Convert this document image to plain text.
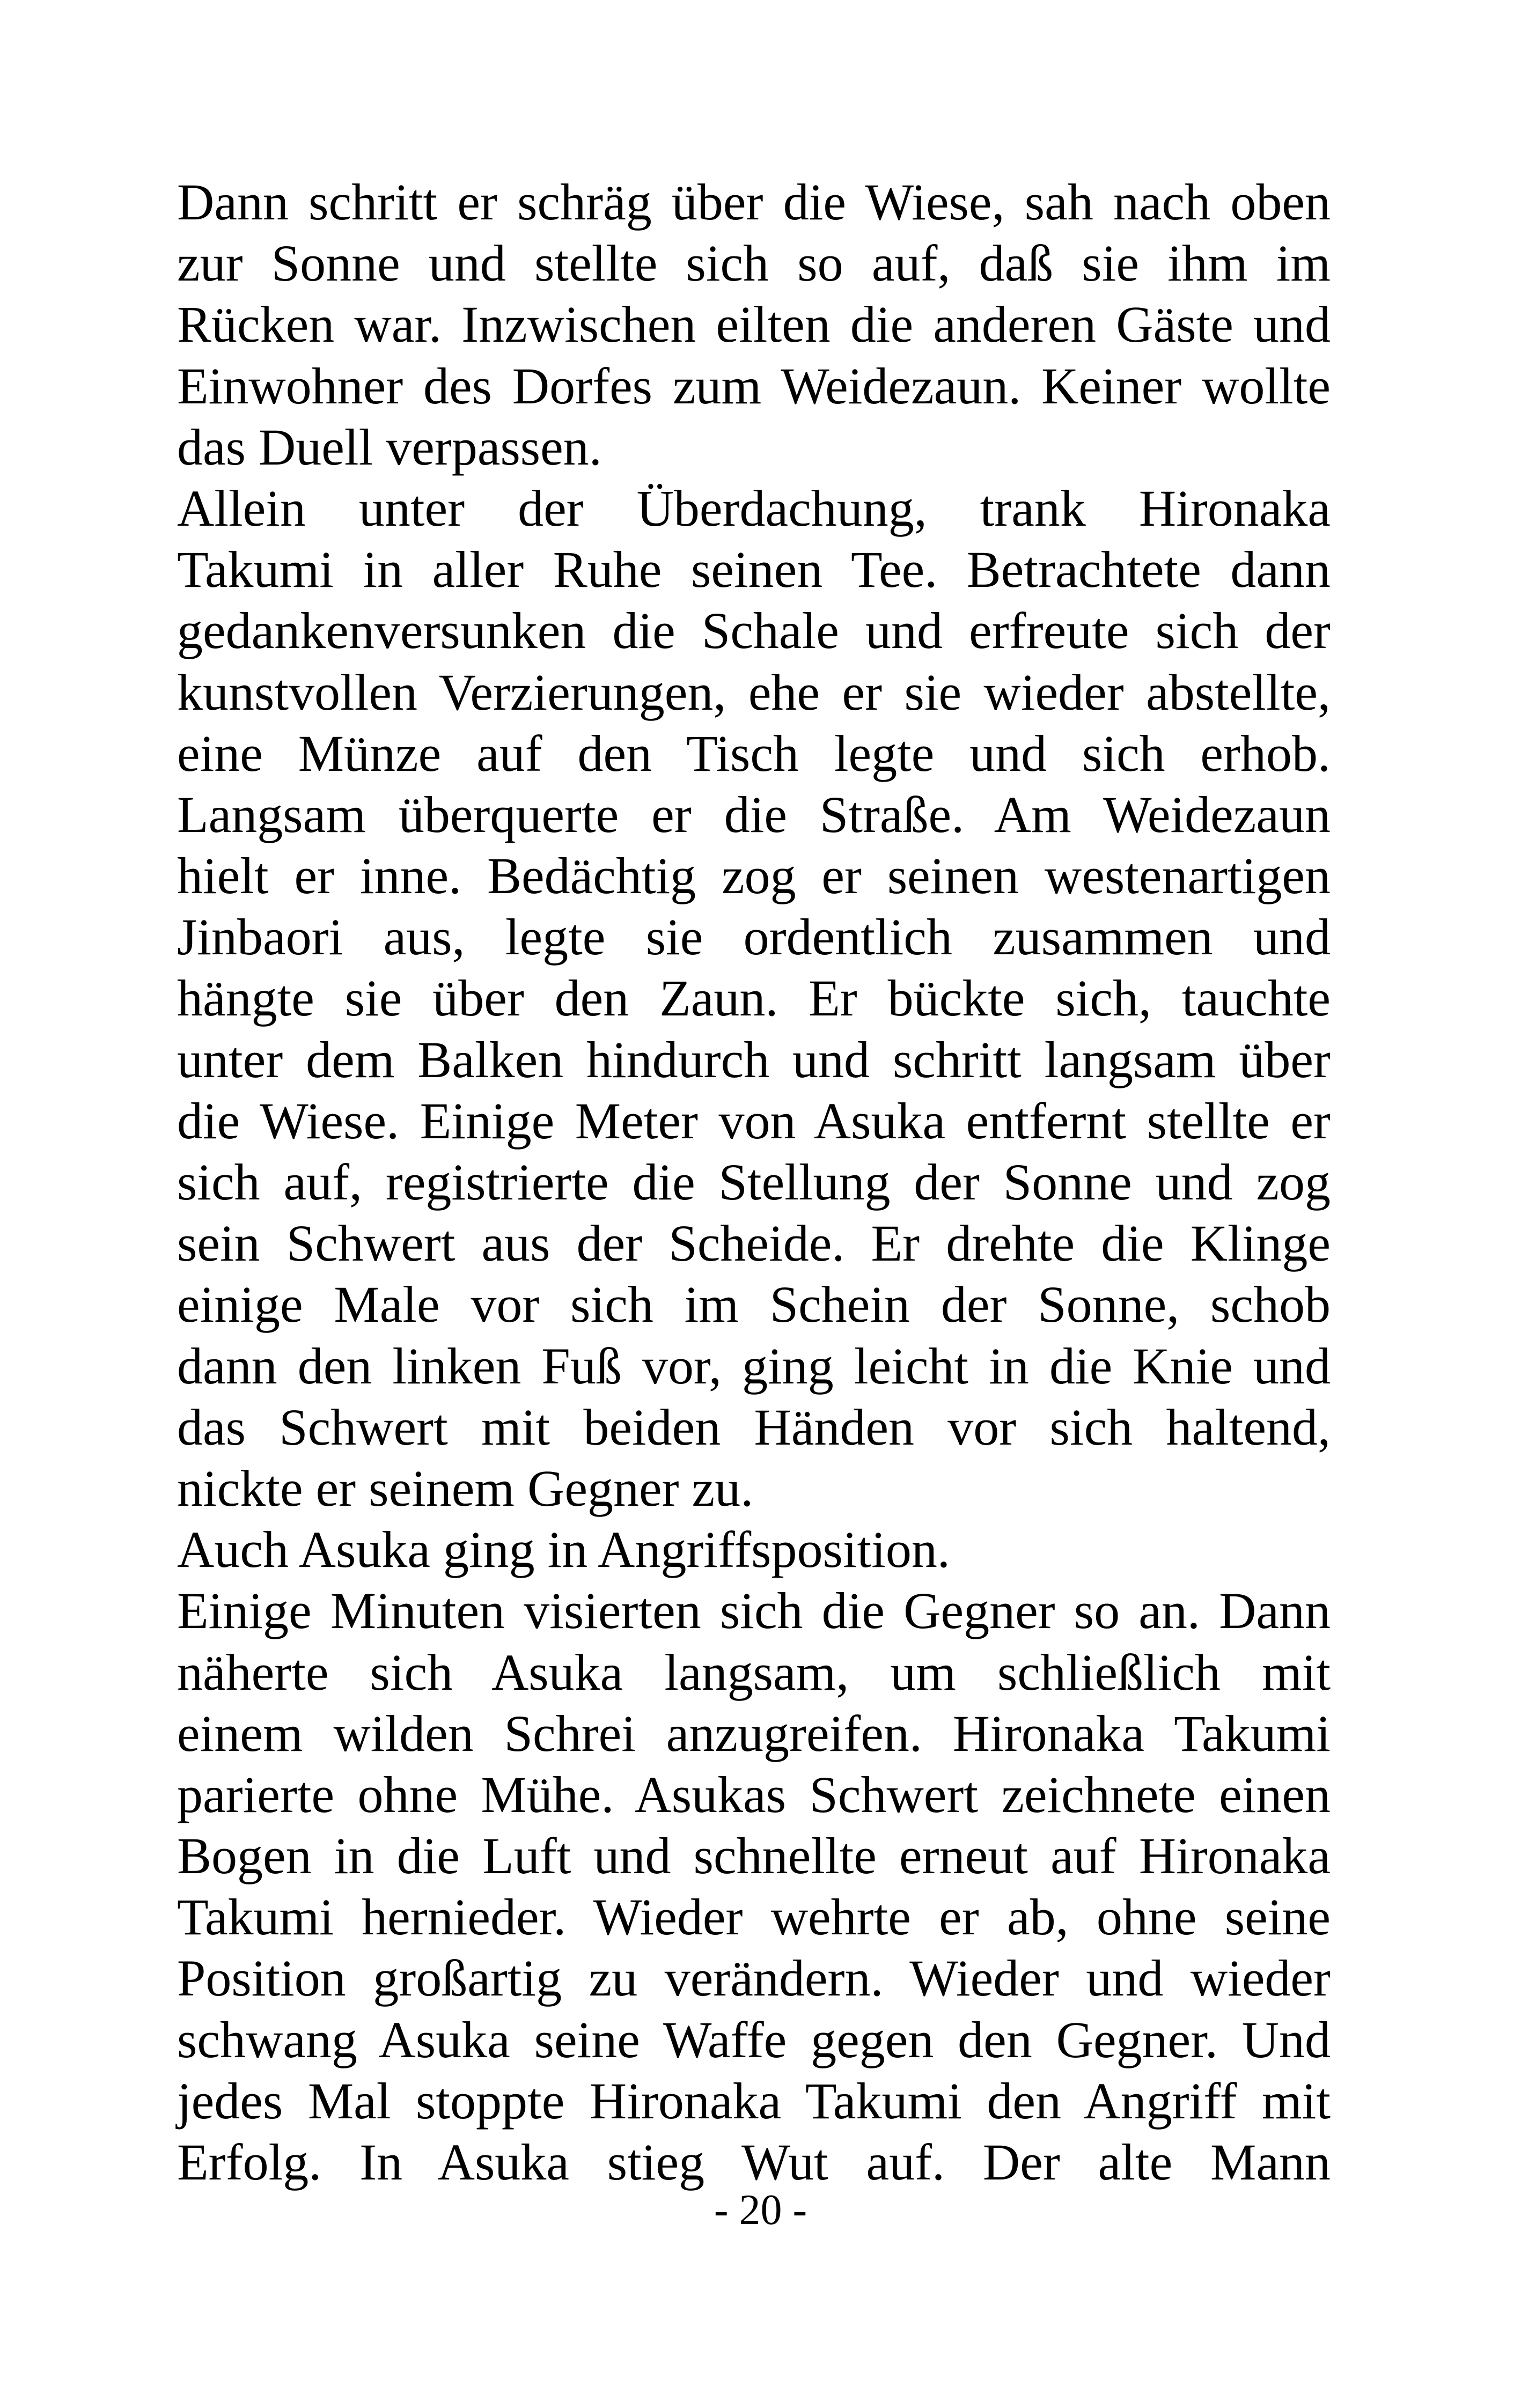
Dann schritt er schräg über die Wiese, sah nach oben
zur Sonne und stellte sich so auf, daß sie ihm im
Rücken war. Inzwischen eilten die anderen Gäste und
Einwohner des Dorfes zum Weidezaun. Keiner wollte
das Duell verpassen.
Allein unter der Überdachung, trank Hironaka
Takumi in aller Ruhe seinen Tee. Betrachtete dann
gedankenversunken die Schale und erfreute sich der
kunstvollen Verzierungen, ehe er sie wieder abstellte,
eine Münze auf den Tisch legte und sich erhob.
Langsam überquerte er die Straße. Am Weidezaun
hielt er inne. Bedächtig zog er seinen westenartigen
Jinbaori aus, legte sie ordentlich zusammen und
hängte sie über den Zaun. Er bückte sich, tauchte
unter dem Balken hindurch und schritt langsam über
die Wiese. Einige Meter von Asuka entfernt stellte er
sich auf, registrierte die Stellung der Sonne und zog
sein Schwert aus der Scheide. Er drehte die Klinge
einige Male vor sich im Schein der Sonne, schob
dann den linken Fuß vor, ging leicht in die Knie und
das Schwert mit beiden Händen vor sich haltend,
nickte er seinem Gegner zu.
Auch Asuka ging in Angriffsposition.
Einige Minuten visierten sich die Gegner so an. Dann
näherte sich Asuka langsam, um schließlich mit
einem wilden Schrei anzugreifen. Hironaka Takumi
parierte ohne Mühe. Asukas Schwert zeichnete einen
Bogen in die Luft und schnellte erneut auf Hironaka
Takumi hernieder. Wieder wehrte er ab, ohne seine
Position großartig zu verändern. Wieder und wieder
schwang Asuka seine Waffe gegen den Gegner. Und
jedes Mal stoppte Hironaka Takumi den Angriff mit
Erfolg. In Asuka stieg Wut auf. Der alte Mann
- 20 -
